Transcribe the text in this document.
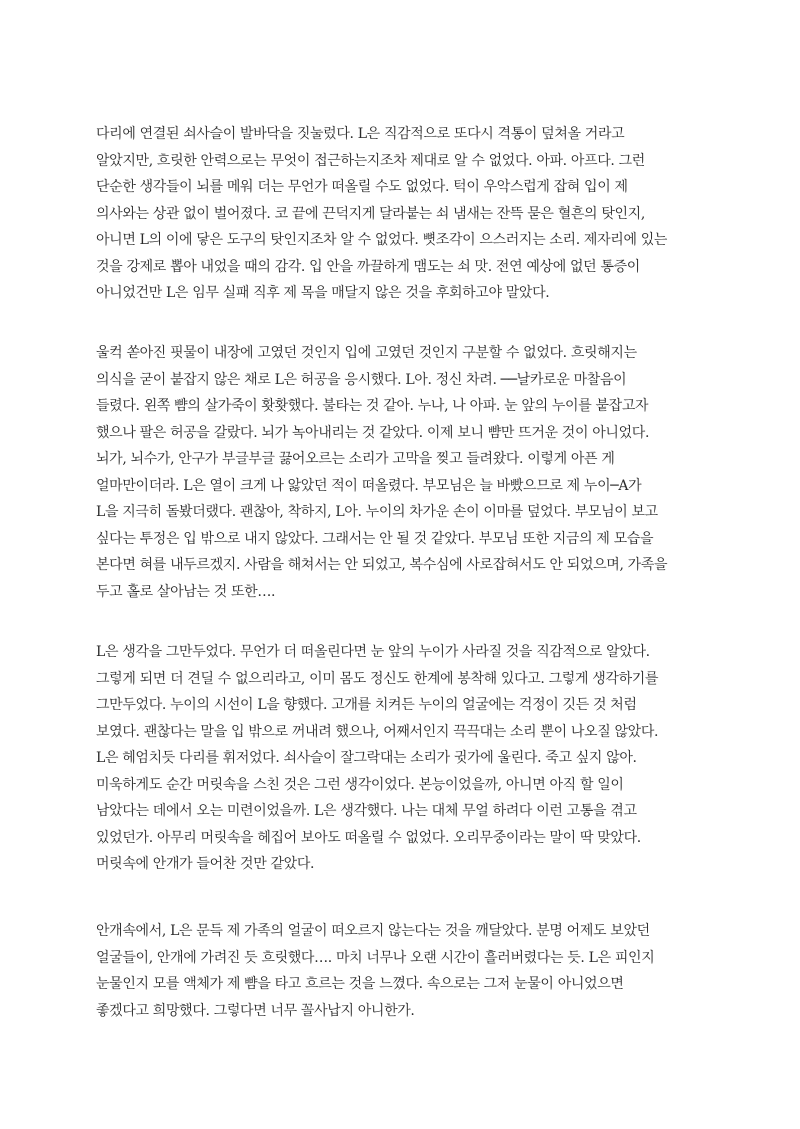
다리에 연결된 쇠사슬이 발바닥을 짓눌렀다. L은 직감적으로 또다시 격통이 덮쳐올 거라고
알았지만, 흐릿한 안력으로는 무엇이 접근하는지조차 제대로 알 수 없었다. 아파. 아프다. 그런
단순한 생각들이 뇌를 메워 더는 무언가 떠올릴 수도 없었다. 턱이 우악스럽게 잡혀 입이 제
의사와는 상관 없이 벌어졌다. 코 끝에 끈덕지게 달라붙는 쇠 냄새는 잔뜩 묻은 혈흔의 탓인지,
아니면 L의 이에 닿은 도구의 탓인지조차 알 수 없었다. 뼛조각이 으스러지는 소리. 제자리에 있는
것을 강제로 뽑아 내었을 때의 감각. 입 안을 까끌하게 맴도는 쇠 맛. 전연 예상에 없던 통증이
아니었건만 L은 임무 실패 직후 제 목을 매달지 않은 것을 후회하고야 말았다.
울컥 쏟아진 핏물이 내장에 고였던 것인지 입에 고였던 것인지 구분할 수 없었다. 흐릿해지는
의식을 굳이 붙잡지 않은 채로 L은 허공을 응시했다. L아. 정신 차려. ──날카로운 마찰음이
들렸다. 왼쪽 뺨의 살가죽이 홧홧했다. 불타는 것 같아. 누나, 나 아파. 눈 앞의 누이를 붙잡고자
했으나 팔은 허공을 갈랐다. 뇌가 녹아내리는 것 같았다. 이제 보니 뺨만 뜨거운 것이 아니었다.
뇌가, 뇌수가, 안구가 부글부글 끓어오르는 소리가 고막을 찢고 들려왔다. 이렇게 아픈 게
얼마만이더라. L은 열이 크게 나 앓았던 적이 떠올렸다. 부모님은 늘 바빴으므로 제 누이─A가
L을 지극히 돌봤더랬다. 괜찮아, 착하지, L아. 누이의 차가운 손이 이마를 덮었다. 부모님이 보고
싶다는 투정은 입 밖으로 내지 않았다. 그래서는 안 될 것 같았다. 부모님 또한 지금의 제 모습을
본다면 혀를 내두르겠지. 사람을 해쳐서는 안 되었고, 복수심에 사로잡혀서도 안 되었으며, 가족을
두고 홀로 살아남는 것 또한….
L은 생각을 그만두었다. 무언가 더 떠올린다면 눈 앞의 누이가 사라질 것을 직감적으로 알았다.
그렇게 되면 더 견딜 수 없으리라고, 이미 몸도 정신도 한계에 봉착해 있다고. 그렇게 생각하기를
그만두었다. 누이의 시선이 L을 향했다. 고개를 치켜든 누이의 얼굴에는 걱정이 깃든 것 처럼
보였다. 괜찮다는 말을 입 밖으로 꺼내려 했으나, 어째서인지 끅끅대는 소리 뿐이 나오질 않았다.
L은 헤엄치듯 다리를 휘저었다. 쇠사슬이 잘그락대는 소리가 귓가에 울린다. 죽고 싶지 않아.
미욱하게도 순간 머릿속을 스친 것은 그런 생각이었다. 본능이었을까, 아니면 아직 할 일이
남았다는 데에서 오는 미련이었을까. L은 생각했다. 나는 대체 무얼 하려다 이런 고통을 겪고
있었던가. 아무리 머릿속을 헤집어 보아도 떠올릴 수 없었다. 오리무중이라는 말이 딱 맞았다.
머릿속에 안개가 들어찬 것만 같았다.
안개속에서, L은 문득 제 가족의 얼굴이 떠오르지 않는다는 것을 깨달았다. 분명 어제도 보았던
얼굴들이, 안개에 가려진 듯 흐릿했다…. 마치 너무나 오랜 시간이 흘러버렸다는 듯. L은 피인지
눈물인지 모를 액체가 제 뺨을 타고 흐르는 것을 느꼈다. 속으로는 그저 눈물이 아니었으면
좋겠다고 희망했다. 그렇다면 너무 꼴사납지 아니한가.
